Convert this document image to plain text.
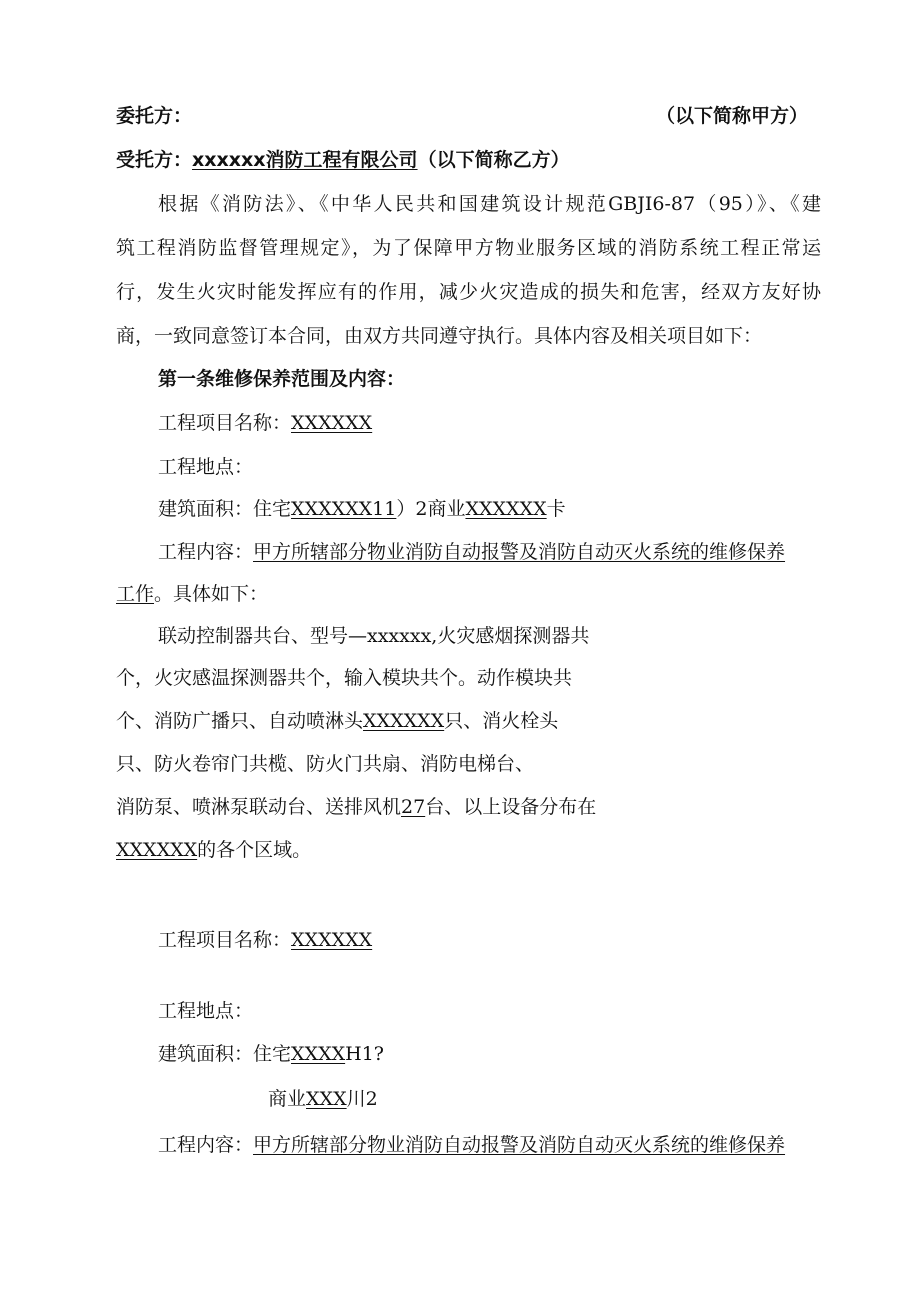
委托方：	（以下简称甲方）
受托方：xxxxxx消防工程有限公司（以下简称乙方）
根据《消防法》、《中华人民共和国建筑设计规范GBJI6-87（95）》、《建
筑工程消防监督管理规定》，为了保障甲方物业服务区域的消防系统工程正常运
行，发生火灾时能发挥应有的作用，减少火灾造成的损失和危害，经双方友好协
商，一致同意签订本合同，由双方共同遵守执行。具体内容及相关项目如下：
第一条维修保养范围及内容：
工程项目名称：XXXXXX
工程地点：
建筑面积：住宅XXXXXX11）2商业XXXXXX卡
工程内容：甲方所辖部分物业消防自动报警及消防自动灭火系统的维修保养
工作。具体如下：
联动控制器共台、型号—xxxxxx,火灾感烟探测器共
个，火灾感温探测器共个，输入模块共个。动作模块共
个、消防广播只、自动喷淋头XXXXXX只、消火栓头
只、防火卷帘门共榄、防火门共扇、消防电梯台、
消防泵、喷淋泵联动台、送排风机27台、以上设备分布在
XXXXXX的各个区域。
工程项目名称：XXXXXX
工程地点：
建筑面积：住宅XXXXH1?
商业XXX川2
工程内容：甲方所辖部分物业消防自动报警及消防自动灭火系统的维修保养
